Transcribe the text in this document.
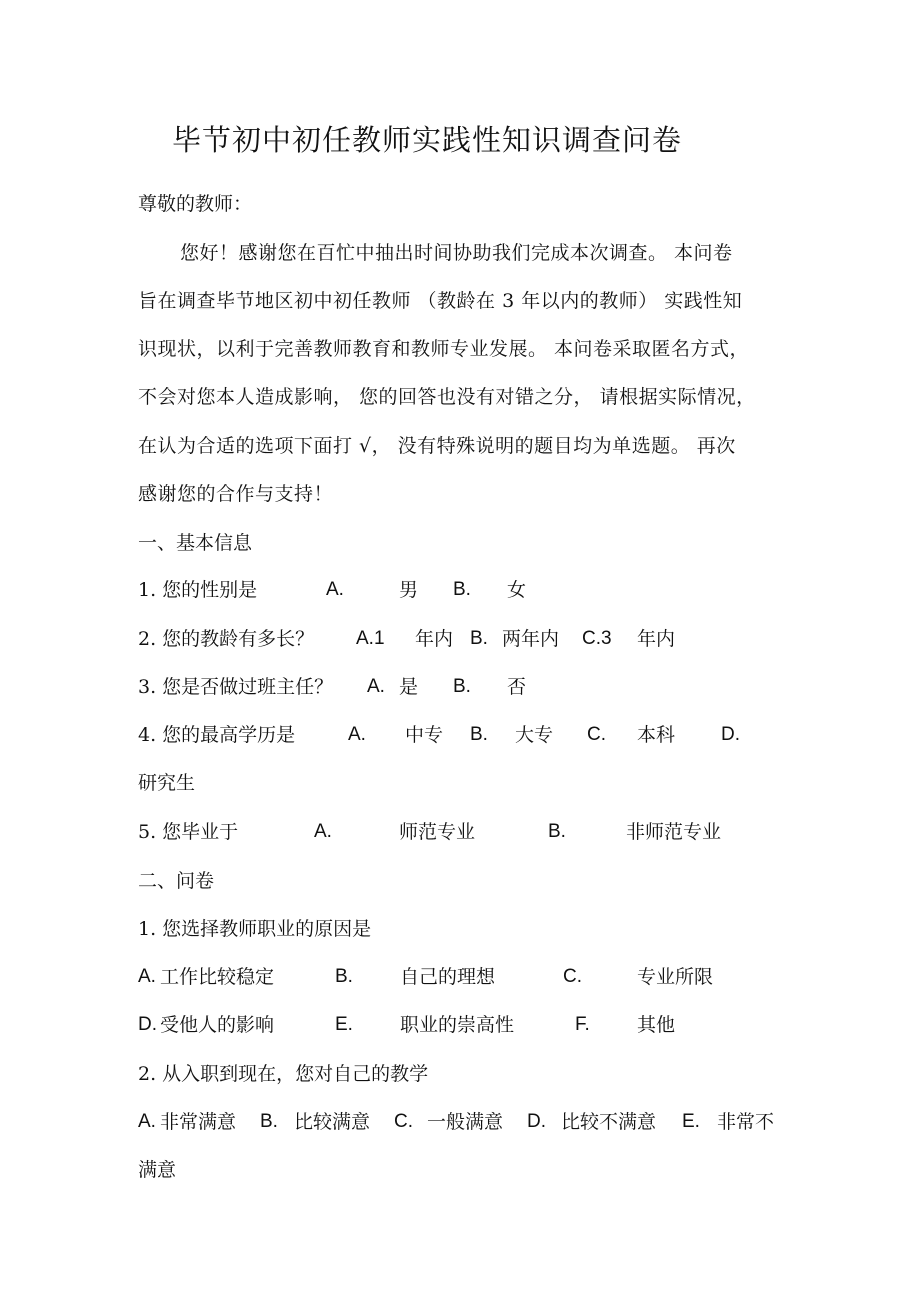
毕节初中初任教师实践性知识调查问卷
尊敬的教师：
您好！感谢您在百忙中抽出时间协助我们完成本次调查。 本问卷
旨在调查毕节地区初中初任教师 （教龄在 3 年以内的教师） 实践性知
识现状，以利于完善教师教育和教师专业发展。 本问卷采取匿名方式，
不会对您本人造成影响， 您的回答也没有对错之分， 请根据实际情况，
在认为合适的选项下面打 √， 没有特殊说明的题目均为单选题。 再次
感谢您的合作与支持！
一、基本信息
1. 您的性别是	A.	男 B. 女
2. 您的教龄有多长？ A.1 年内 B. 两年内 C.3 年内
3. 您是否做过班主任？ A. 是 B. 否
4. 您的最高学历是	A. 中专 B. 大专 C. 本科 D.
研究生
5. 您毕业于	A.	师范专业	B.	非师范专业
二、问卷
1. 您选择教师职业的原因是
A. 工作比较稳定	B. 自己的理想	C.	专业所限
D. 受他人的影响	E. 职业的崇高性	F. 其他
2. 从入职到现在，您对自己的教学
A. 非常满意 B. 比较满意 C. 一般满意 D. 比较不满意 E. 非常不
满意
